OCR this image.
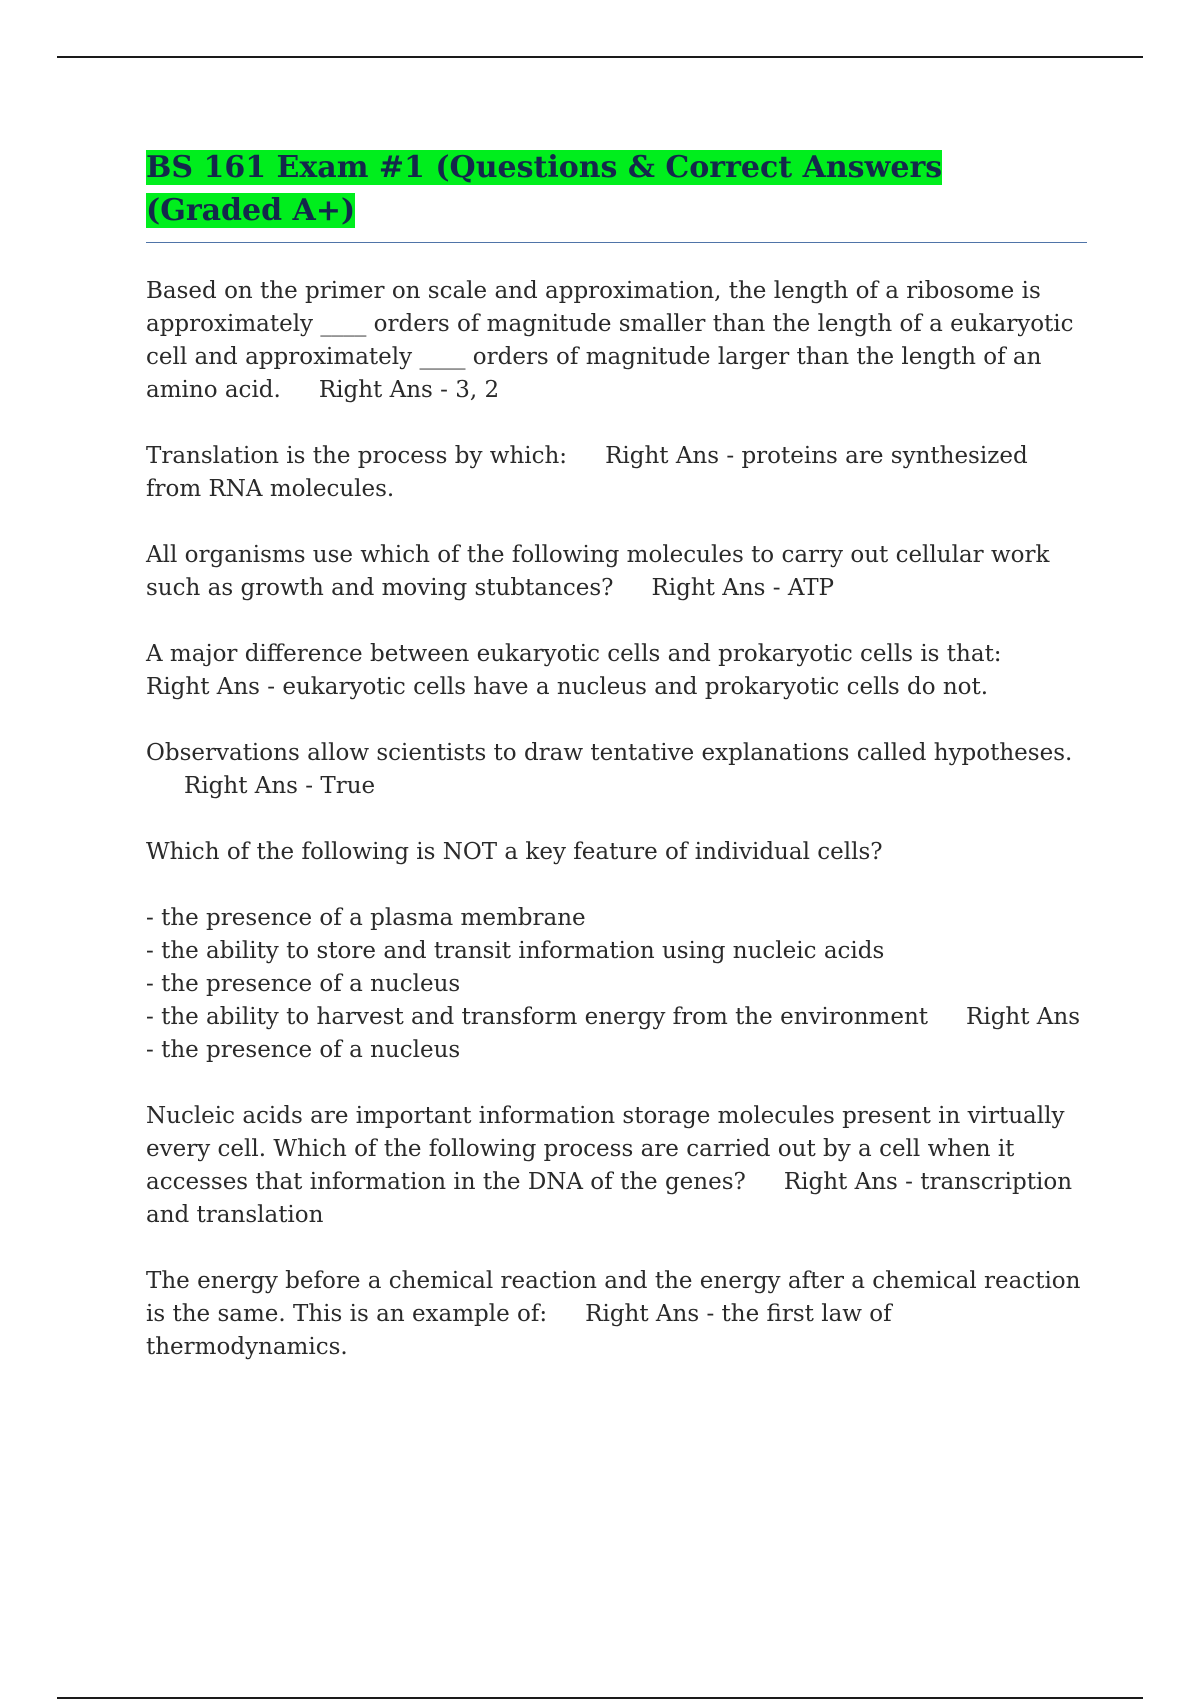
BS 161 Exam #1 (Questions & Correct Answers (Graded A+)

Based on the primer on scale and approximation, the length of a ribosome is approximately ____ orders of magnitude smaller than the length of a eukaryotic cell and approximately ____ orders of magnitude larger than the length of an amino acid. Right Ans - 3, 2

Translation is the process by which: Right Ans - proteins are synthesized from RNA molecules.

All organisms use which of the following molecules to carry out cellular work such as growth and moving stubtances? Right Ans - ATP

A major difference between eukaryotic cells and prokaryotic cells is that:Right Ans - eukaryotic cells have a nucleus and prokaryotic cells do not.

Observations allow scientists to draw tentative explanations called hypotheses.Right Ans - True

Which of the following is NOT a key feature of individual cells?

- the presence of a plasma membrane
- the ability to store and transit information using nucleic acids
- the presence of a nucleus
- the ability to harvest and transform energy from the environment Right Ans - the presence of a nucleus

Nucleic acids are important information storage molecules present in virtually every cell. Which of the following process are carried out by a cell when it accesses that information in the DNA of the genes? Right Ans - transcription and translation

The energy before a chemical reaction and the energy after a chemical reaction is the same. This is an example of: Right Ans - the first law of thermodynamics.
